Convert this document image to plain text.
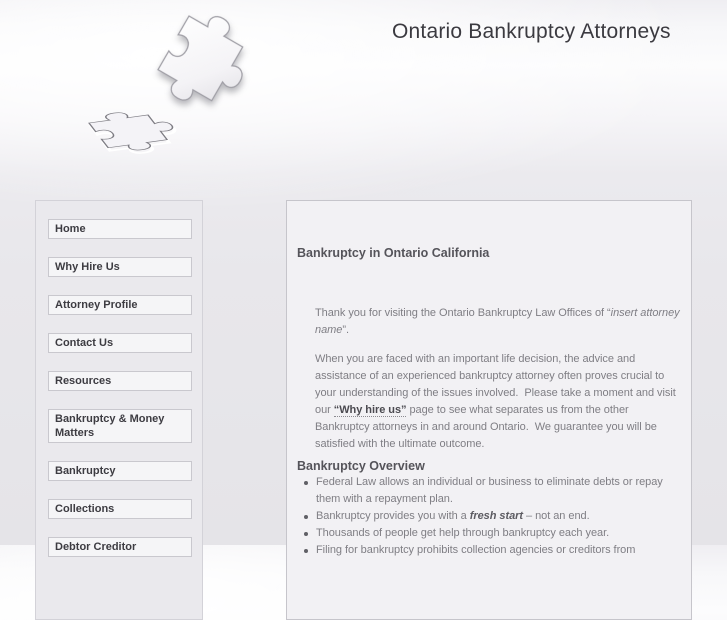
Ontario Bankruptcy Attorneys
Home
Why Hire Us
Attorney Profile
Contact Us
Resources
Bankruptcy & Money Matters
Bankruptcy
Collections
Debtor Creditor
Bankruptcy in Ontario California

Thank you for visiting the Ontario Bankruptcy Law Offices of “insert attorney name”.

When you are faced with an important life decision, the advice and assistance of an experienced bankruptcy attorney often proves crucial to your understanding of the issues involved.  Please take a moment and visit our “Why hire us” page to see what separates us from the other Bankruptcy attorneys in and around Ontario.  We guarantee you will be satisfied with the ultimate outcome.

Bankruptcy Overview
Federal Law allows an individual or business to eliminate debts or repay them with a repayment plan.
Bankruptcy provides you with a fresh start – not an end.
Thousands of people get help through bankruptcy each year.
Filing for bankruptcy prohibits collection agencies or creditors from
